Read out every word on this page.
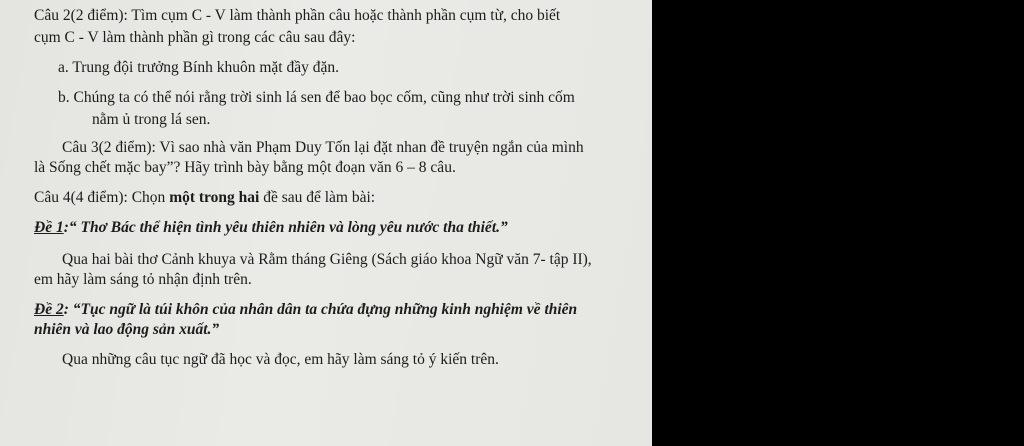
Câu 2(2 điểm): Tìm cụm C - V làm thành phần câu hoặc thành phần cụm từ, cho biết
cụm C - V làm thành phần gì trong các câu sau đây:
a. Trung đội trưởng Bính khuôn mặt đầy đặn.
b. Chúng ta có thể nói rằng trời sinh lá sen để bao bọc cốm, cũng như trời sinh cốm
nằm ủ trong lá sen.
Câu 3(2 điểm): Vì sao nhà văn Phạm Duy Tốn lại đặt nhan đề truyện ngắn của mình
là Sống chết mặc bay”? Hãy trình bày bằng một đoạn văn 6 – 8 câu.
Câu 4(4 điểm): Chọn một trong hai đề sau để làm bài:
Đề 1:“ Thơ Bác thể hiện tình yêu thiên nhiên và lòng yêu nước tha thiết.”
Qua hai bài thơ Cảnh khuya và Rằm tháng Giêng (Sách giáo khoa Ngữ văn 7- tập II),
em hãy làm sáng tỏ nhận định trên.
Đề 2: “Tục ngữ là túi khôn của nhân dân ta chứa đựng những kinh nghiệm về thiên
nhiên và lao động sản xuất.”
Qua những câu tục ngữ đã học và đọc, em hãy làm sáng tỏ ý kiến trên.
